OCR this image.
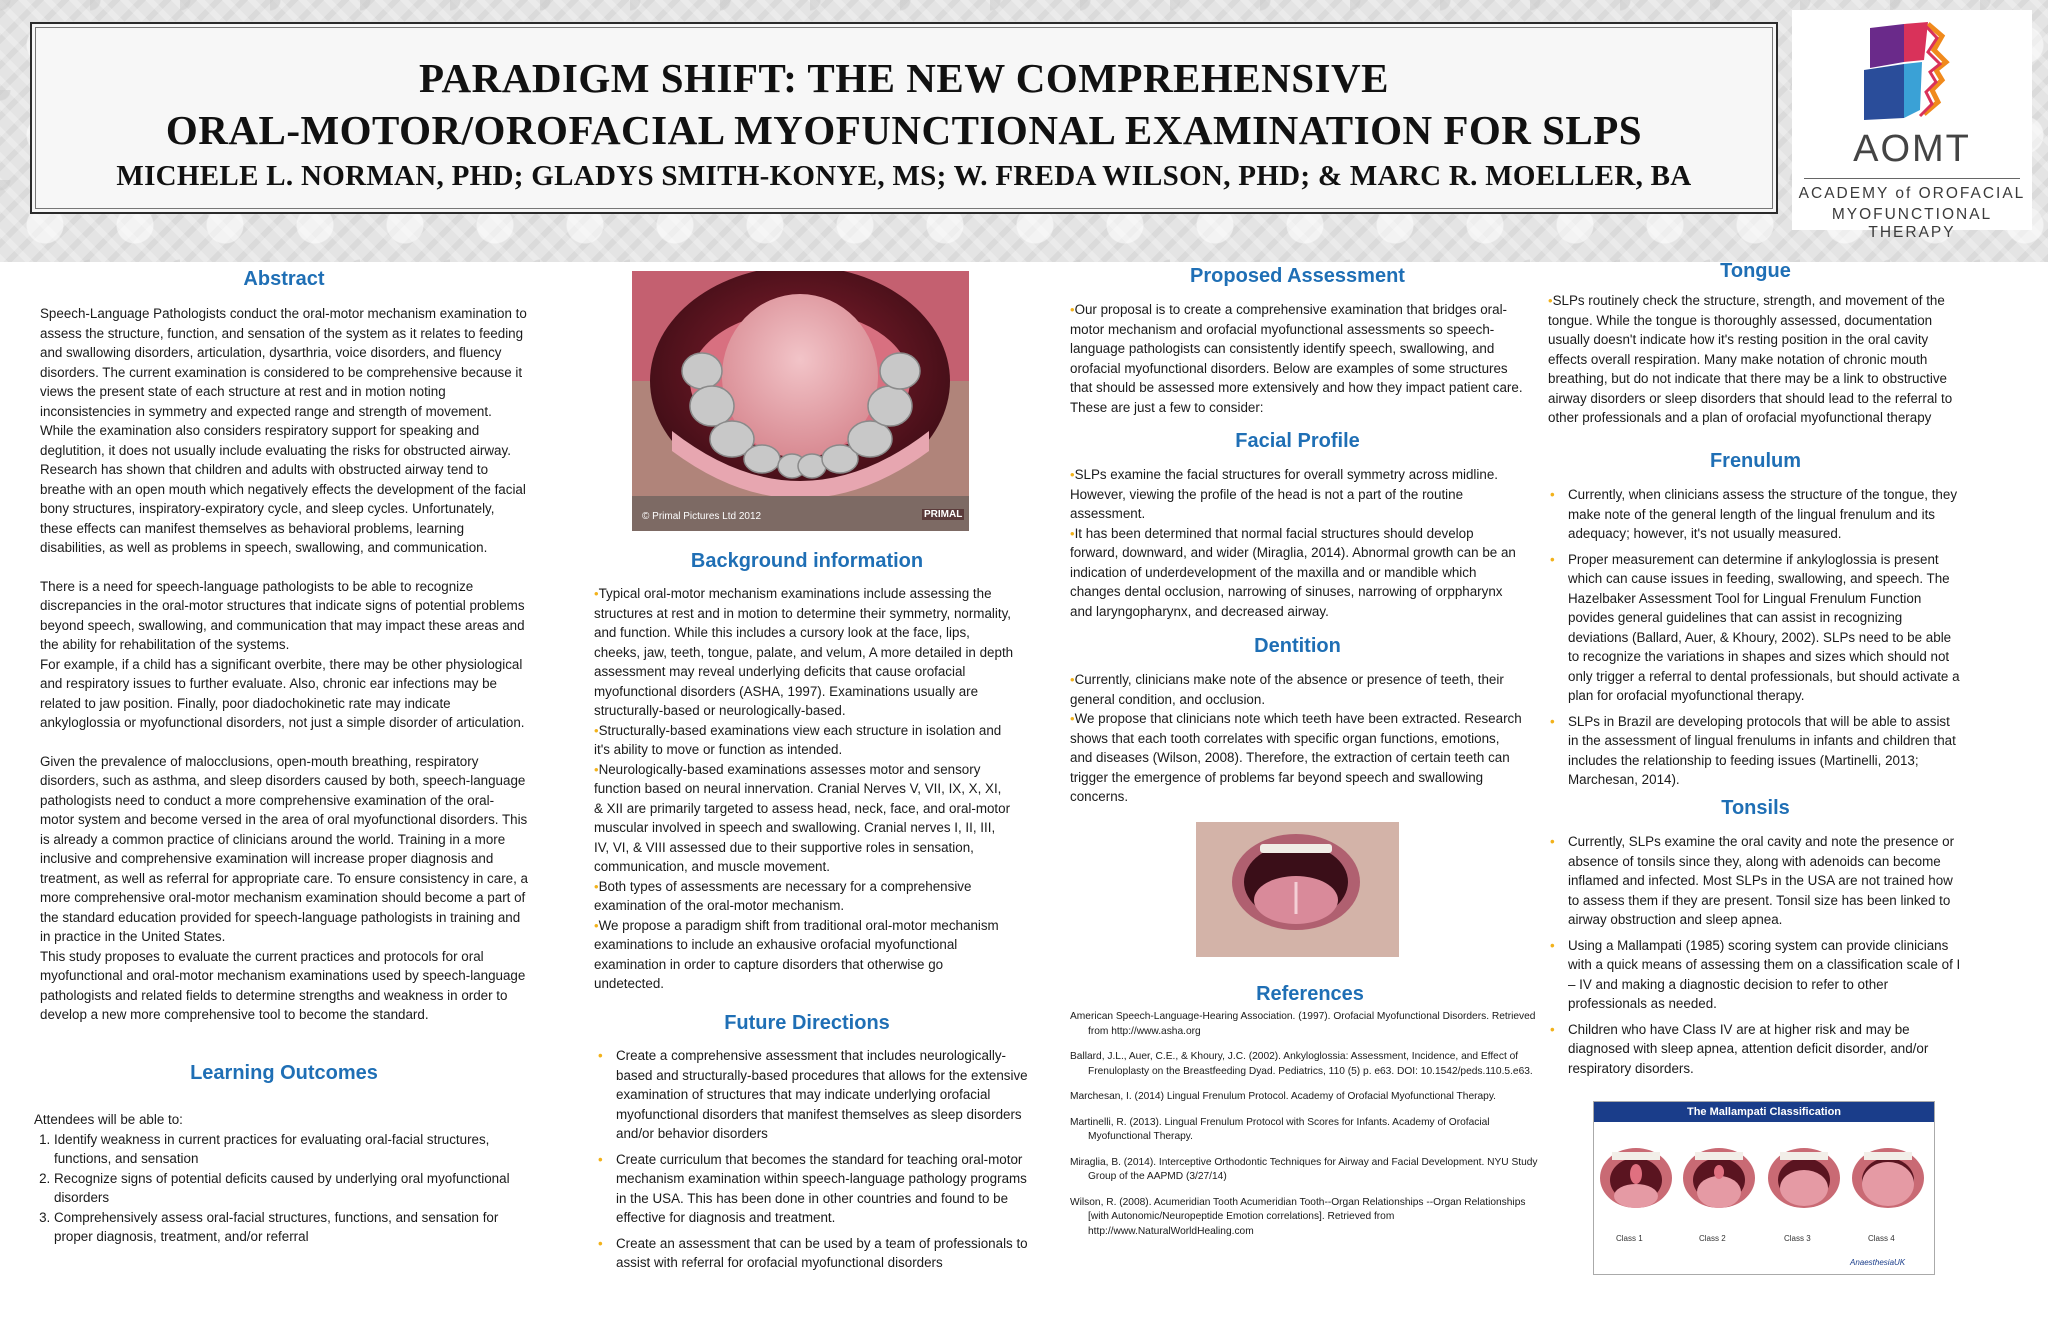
PARADIGM SHIFT: THE NEW COMPREHENSIVE
ORAL-MOTOR/OROFACIAL MYOFUNCTIONAL EXAMINATION FOR SLPS
MICHELE L. NORMAN, PHD; GLADYS SMITH-KONYE, MS; W. FREDA WILSON, PHD; & MARC R. MOELLER, BA
AOMT
ACADEMY of OROFACIAL
MYOFUNCTIONAL THERAPY
Abstract

Speech-Language Pathologists conduct the oral-motor mechanism examination to assess the structure, function, and sensation of the system as it relates to feeding and swallowing disorders, articulation, dysarthria, voice disorders, and fluency disorders. The current examination is considered to be comprehensive because it views the present state of each structure at rest and in motion noting inconsistencies in symmetry and expected range and strength of movement. While the examination also considers respiratory support for speaking and deglutition, it does not usually include evaluating the risks for obstructed airway. Research has shown that children and adults with obstructed airway tend to breathe with an open mouth which negatively effects the development of the facial bony structures, inspiratory-expiratory cycle, and sleep cycles. Unfortunately, these effects can manifest themselves as behavioral problems, learning disabilities, as well as problems in speech, swallowing, and communication.

There is a need for speech-language pathologists to be able to recognize discrepancies in the oral-motor structures that indicate signs of potential problems beyond speech, swallowing, and communication that may impact these areas and the ability for rehabilitation of the systems.

For example, if a child has a significant overbite, there may be other physiological and respiratory issues to further evaluate. Also, chronic ear infections may be related to jaw position. Finally, poor diadochokinetic rate may indicate ankyloglossia or myofunctional disorders, not just a simple disorder of articulation.

Given the prevalence of malocclusions, open-mouth breathing, respiratory disorders, such as asthma, and sleep disorders caused by both, speech-language pathologists need to conduct a more comprehensive examination of the oral-motor system and become versed in the area of oral myofunctional disorders. This is already a common practice of clinicians around the world. Training in a more inclusive and comprehensive examination will increase proper diagnosis and treatment, as well as referral for appropriate care. To ensure consistency in care, a more comprehensive oral-motor mechanism examination should become a part of the standard education provided for speech-language pathologists in training and in practice in the United States.

This study proposes to evaluate the current practices and protocols for oral myofunctional and oral-motor mechanism examinations used by speech-language pathologists and related fields to determine strengths and weakness in order to develop a new more comprehensive tool to become the standard.

Learning Outcomes

Attendees will be able to:

1. Identify weakness in current practices for evaluating oral-facial structures, functions, and sensation
2. Recognize signs of potential deficits caused by underlying oral myofunctional disorders
3. Comprehensively assess oral-facial structures, functions, and sensation for proper diagnosis, treatment, and/or referral
© Primal Pictures Ltd 2012	PRIMAL
Background information

•Typical oral-motor mechanism examinations include assessing the structures at rest and in motion to determine their symmetry, normality, and function. While this includes a cursory look at the face, lips, cheeks, jaw, teeth, tongue, palate, and velum, A more detailed in depth assessment may reveal underlying deficits that cause orofacial myofunctional disorders (ASHA, 1997). Examinations usually are structurally-based or neurologically-based.

•Structurally-based examinations view each structure in isolation and it's ability to move or function as intended.

•Neurologically-based examinations assesses motor and sensory function based on neural innervation. Cranial Nerves V, VII, IX, X, XI, & XII are primarily targeted to assess head, neck, face, and oral-motor muscular involved in speech and swallowing. Cranial nerves I, II, III, IV, VI, & VIII assessed due to their supportive roles in sensation, communication, and muscle movement.

•Both types of assessments are necessary for a comprehensive examination of the oral-motor mechanism.

•We propose a paradigm shift from traditional oral-motor mechanism examinations to include an exhausive orofacial myofunctional examination in order to capture disorders that otherwise go undetected.

Future Directions
• Create a comprehensive assessment that includes neurologically-based and structurally-based procedures that allows for the extensive examination of structures that may indicate underlying orofacial myofunctional disorders that manifest themselves as sleep disorders and/or behavior disorders
• Create curriculum that becomes the standard for teaching oral-motor mechanism examination within speech-language pathology programs in the USA. This has been done in other countries and found to be effective for diagnosis and treatment.
• Create an assessment that can be used by a team of professionals to assist with referral for orofacial myofunctional disorders
Proposed Assessment

•Our proposal is to create a comprehensive examination that bridges oral-motor mechanism and orofacial myofunctional assessments so speech-language pathologists can consistently identify speech, swallowing, and orofacial myofunctional disorders. Below are examples of some structures that should be assessed more extensively and how they impact patient care. These are just a few to consider:

Facial Profile

•SLPs examine the facial structures for overall symmetry across midline. However, viewing the profile of the head is not a part of the routine assessment.

•It has been determined that normal facial structures should develop forward, downward, and wider (Miraglia, 2014). Abnormal growth can be an indication of underdevelopment of the maxilla and or mandible which changes dental occlusion, narrowing of sinuses, narrowing of orppharynx and laryngopharynx, and decreased airway.

Dentition

•Currently, clinicians make note of the absence or presence of teeth, their general condition, and occlusion.

•We propose that clinicians note which teeth have been extracted. Research shows that each tooth correlates with specific organ functions, emotions, and diseases (Wilson, 2008). Therefore, the extraction of certain teeth can trigger the emergence of problems far beyond speech and swallowing concerns.

References
American Speech-Language-Hearing Association. (1997). Orofacial Myofunctional Disorders. Retrieved from http://www.asha.org
Ballard, J.L., Auer, C.E., & Khoury, J.C. (2002). Ankyloglossia: Assessment, Incidence, and Effect of Frenuloplasty on the Breastfeeding Dyad. Pediatrics, 110 (5) p. e63. DOI: 10.1542/peds.110.5.e63.
Marchesan, I. (2014) Lingual Frenulum Protocol. Academy of Orofacial Myofunctional Therapy.
Martinelli, R. (2013). Lingual Frenulum Protocol with Scores for Infants. Academy of Orofacial Myofunctional Therapy.
Miraglia, B. (2014). Interceptive Orthodontic Techniques for Airway and Facial Development. NYU Study Group of the AAPMD (3/27/14)
Wilson, R. (2008). Acumeridian Tooth Acumeridian Tooth--Organ Relationships --Organ Relationships [with Autonomic/Neuropeptide Emotion correlations]. Retrieved from http://www.NaturalWorldHealing.com
Tongue

•SLPs routinely check the structure, strength, and movement of the tongue. While the tongue is thoroughly assessed, documentation usually doesn't indicate how it's resting position in the oral cavity effects overall respiration. Many make notation of chronic mouth breathing, but do not indicate that there may be a link to obstructive airway disorders or sleep disorders that should lead to the referral to other professionals and a plan of orofacial myofunctional therapy

Frenulum
• Currently, when clinicians assess the structure of the tongue, they make note of the general length of the lingual frenulum and its adequacy; however, it's not usually measured.
• Proper measurement can determine if ankyloglossia is present which can cause issues in feeding, swallowing, and speech. The Hazelbaker Assessment Tool for Lingual Frenulum Function povides general guidelines that can assist in recognizing deviations (Ballard, Auer, & Khoury, 2002). SLPs need to be able to recognize the variations in shapes and sizes which should not only trigger a referral to dental professionals, but should activate a plan for orofacial myofunctional therapy.
• SLPs in Brazil are developing protocols that will be able to assist in the assessment of lingual frenulums in infants and children that includes the relationship to feeding issues (Martinelli, 2013; Marchesan, 2014).
Tonsils
• Currently, SLPs examine the oral cavity and note the presence or absence of tonsils since they, along with adenoids can become inflamed and infected. Most SLPs in the USA are not trained how to assess them if they are present. Tonsil size has been linked to airway obstruction and sleep apnea.
• Using a Mallampati (1985) scoring system can provide clinicians with a quick means of assessing them on a classification scale of I – IV and making a diagnostic decision to refer to other professionals as needed.
• Children who have Class IV are at higher risk and may be diagnosed with sleep apnea, attention deficit disorder, and/or respiratory disorders.
The Mallampati Classification
Class 1	Class 2	Class 3	Class 4
AnaesthesiaUK
